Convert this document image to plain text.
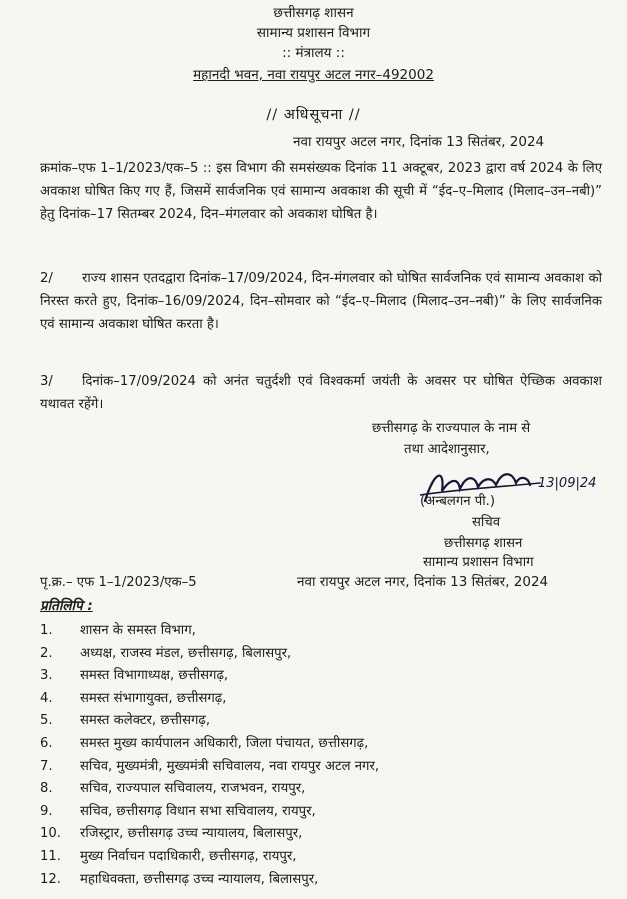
छत्तीसगढ़ शासन
सामान्य प्रशासन विभाग
:: मंत्रालय ::
महानदी भवन, नवा रायपुर अटल नगर–492002
// अधिसूचना //
नवा रायपुर अटल नगर, दिनांक 13 सितंबर, 2024
क्रमांक–एफ 1–1/2023/एक–5 :: इस विभाग की समसंख्यक दिनांक 11 अक्टूबर, 2023 द्वारा वर्ष 2024 के लिए अवकाश घोषित किए गए हैं, जिसमें सार्वजनिक एवं सामान्य अवकाश की सूची में “ईद–ए–मिलाद (मिलाद–उन–नबी)” हेतु दिनांक–17 सितम्बर 2024, दिन–मंगलवार को अवकाश घोषित है।
2/ राज्य शासन एतदद्वारा दिनांक–17/09/2024, दिन-मंगलवार को घोषित सार्वजनिक एवं सामान्य अवकाश को निरस्त करते हुए, दिनांक–16/09/2024, दिन–सोमवार को “ईद–ए–मिलाद (मिलाद–उन–नबी)” के लिए सार्वजनिक एवं सामान्य अवकाश घोषित करता है।
3/ दिनांक–17/09/2024 को अनंत चतुर्दशी एवं विश्वकर्मा जयंती के अवसर पर घोषित ऐच्छिक अवकाश यथावत रहेंगे।
छत्तीसगढ़ के राज्यपाल के नाम से
तथा आदेशानुसार,
13|09|24
(अन्बलगन पी.)
सचिव
छत्तीसगढ़ शासन
सामान्य प्रशासन विभाग
पृ.क्र.– एफ 1–1/2023/एक–5	नवा रायपुर अटल नगर, दिनांक 13 सितंबर, 2024
प्रतिलिपि :
1. शासन के समस्त विभाग,
2. अध्यक्ष, राजस्व मंडल, छत्तीसगढ़, बिलासपुर,
3. समस्त विभागाध्यक्ष, छत्तीसगढ़,
4. समस्त संभागायुक्त, छत्तीसगढ़,
5. समस्त कलेक्टर, छत्तीसगढ़,
6. समस्त मुख्य कार्यपालन अधिकारी, जिला पंचायत, छत्तीसगढ़,
7. सचिव, मुख्यमंत्री, मुख्यमंत्री सचिवालय, नवा रायपुर अटल नगर,
8. सचिव, राज्यपाल सचिवालय, राजभवन, रायपुर,
9. सचिव, छत्तीसगढ़ विधान सभा सचिवालय, रायपुर,
10. रजिस्ट्रार, छत्तीसगढ़ उच्च न्यायालय, बिलासपुर,
11. मुख्य निर्वाचन पदाधिकारी, छत्तीसगढ़, रायपुर,
12. महाधिवक्ता, छत्तीसगढ़ उच्च न्यायालय, बिलासपुर,
